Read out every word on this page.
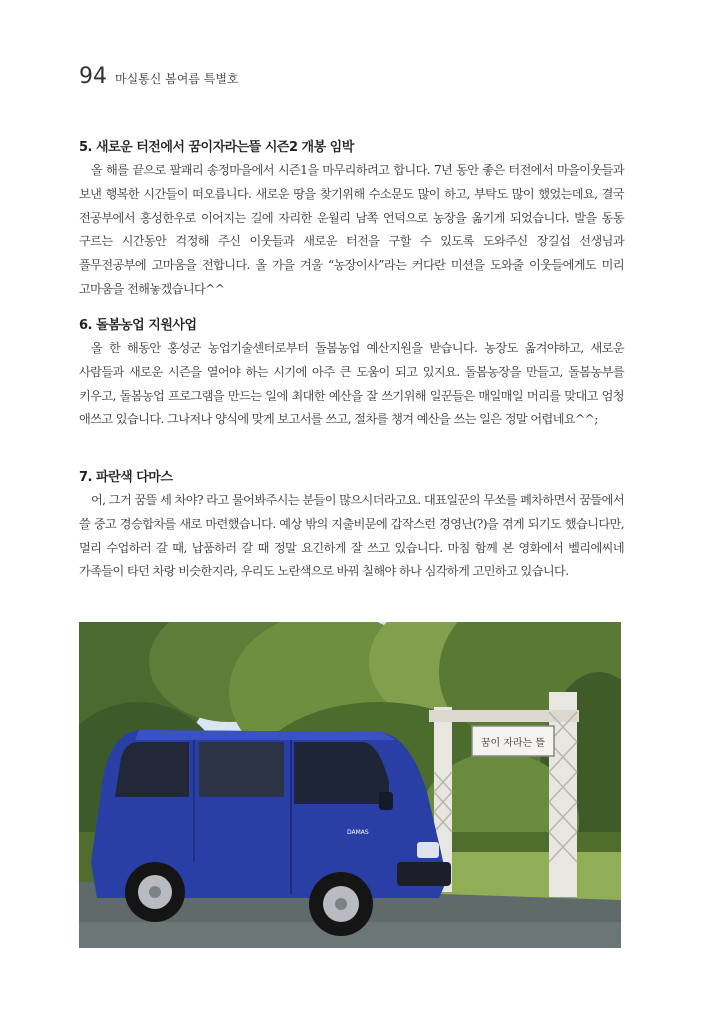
94 마실통신 봄여름 특별호
5. 새로운 터전에서 꿈이자라는뜰 시즌2 개봉 임박

올 해를 끝으로 팔괘리 송정마을에서 시즌1을 마무리하려고 합니다. 7년 동안 좋은 터전에서 마을이웃들과 보낸 행복한 시간들이 떠오릅니다. 새로운 땅을 찾기위해 수소문도 많이 하고, 부탁도 많이 했었는데요, 결국 전공부에서 홍성한우로 이어지는 길에 자리한 운월리 남쪽 언덕으로 농장을 옮기게 되었습니다. 발을 동동 구르는 시간동안 걱정해 주신 이웃들과 새로운 터전을 구할 수 있도록 도와주신 장길섭 선생님과 풀무전공부에 고마움을 전합니다. 올 가을 겨울 “농장이사”라는 커다란 미션을 도와줄 이웃들에게도 미리 고마움을 전해놓겠습니다^^

6. 돌봄농업 지원사업

올 한 해동안 홍성군 농업기술센터로부터 돌봄농업 예산지원을 받습니다. 농장도 옮겨야하고, 새로운 사람들과 새로운 시즌을 열어야 하는 시기에 아주 큰 도움이 되고 있지요. 돌봄농장을 만들고, 돌봄농부를 키우고, 돌봄농업 프로그램을 만드는 일에 최대한 예산을 잘 쓰기위해 일꾼들은 매일매일 머리를 맞대고 엄청 애쓰고 있습니다. 그나저나 양식에 맞게 보고서를 쓰고, 절차를 챙겨 예산을 쓰는 일은 정말 어렵네요^^;

7. 파란색 다마스

어, 그거 꿈뜰 세 차야? 라고 물어봐주시는 분들이 많으시더라고요. 대표일꾼의 무쏘를 폐차하면서 꿈뜰에서 쓸 중고 경승합차를 새로 마련했습니다. 예상 밖의 지출비문에 갑작스런 경영난(?)을 겪게 되기도 했습니다만, 멀리 수업하러 갈 때, 납품하러 갈 때 정말 요긴하게 잘 쓰고 있습니다. 마침 함께 본 영화에서 벨리에씨네 가족들이 타던 차랑 비슷한지라, 우리도 노란색으로 바꿔 칠해야 하나 심각하게 고민하고 있습니다.

꿈이 자라는 뜰
DAMAS
